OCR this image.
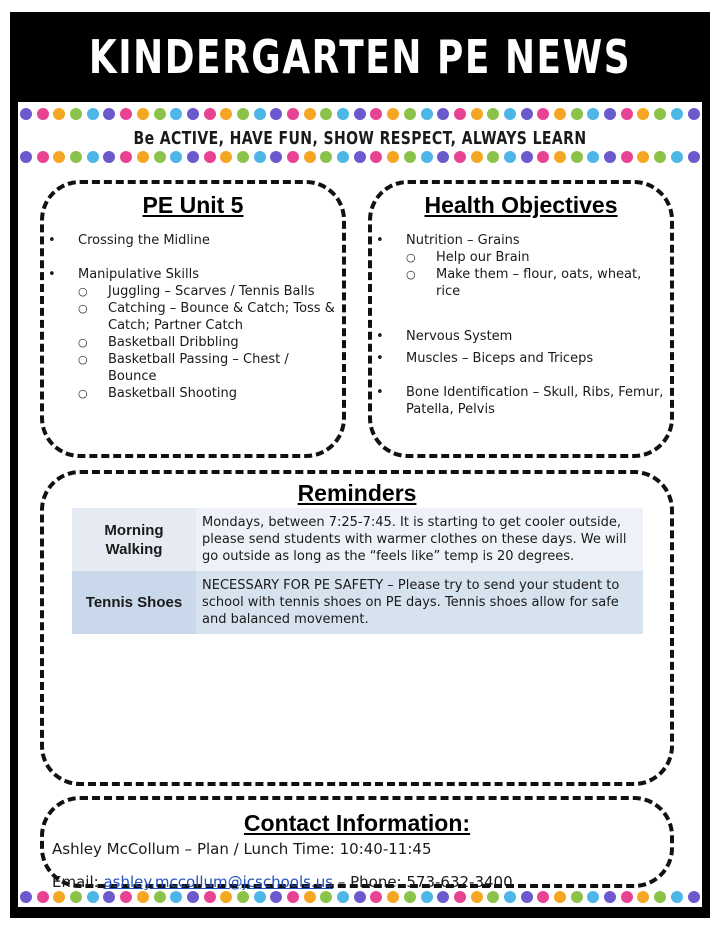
KINDERGARTEN PE NEWS
Be ACTIVE, HAVE FUN, SHOW RESPECT, ALWAYS LEARN
PE Unit 5
• Crossing the Midline
• Manipulative Skills
○ Juggling – Scarves / Tennis Balls
○ Catching – Bounce & Catch; Toss & Catch; Partner Catch
○ Basketball Dribbling
○ Basketball Passing – Chest / Bounce
○ Basketball Shooting
Health Objectives
• Nutrition – Grains
○ Help our Brain
○ Make them – flour, oats, wheat, rice
• Nervous System
• Muscles – Biceps and Triceps
• Bone Identification – Skull, Ribs, Femur, Patella, Pelvis
Reminders
Morning Walking	Mondays, between 7:25-7:45. It is starting to get cooler outside, please send students with warmer clothes on these days. We will go outside as long as the “feels like” temp is 20 degrees.
Tennis Shoes	NECESSARY FOR PE SAFETY – Please try to send your student to school with tennis shoes on PE days. Tennis shoes allow for safe and balanced movement.
Contact Information:
Ashley McCollum – Plan / Lunch Time: 10:40-11:45
Email: ashley.mccollum@jcschools.us – Phone: 573-632-3400
